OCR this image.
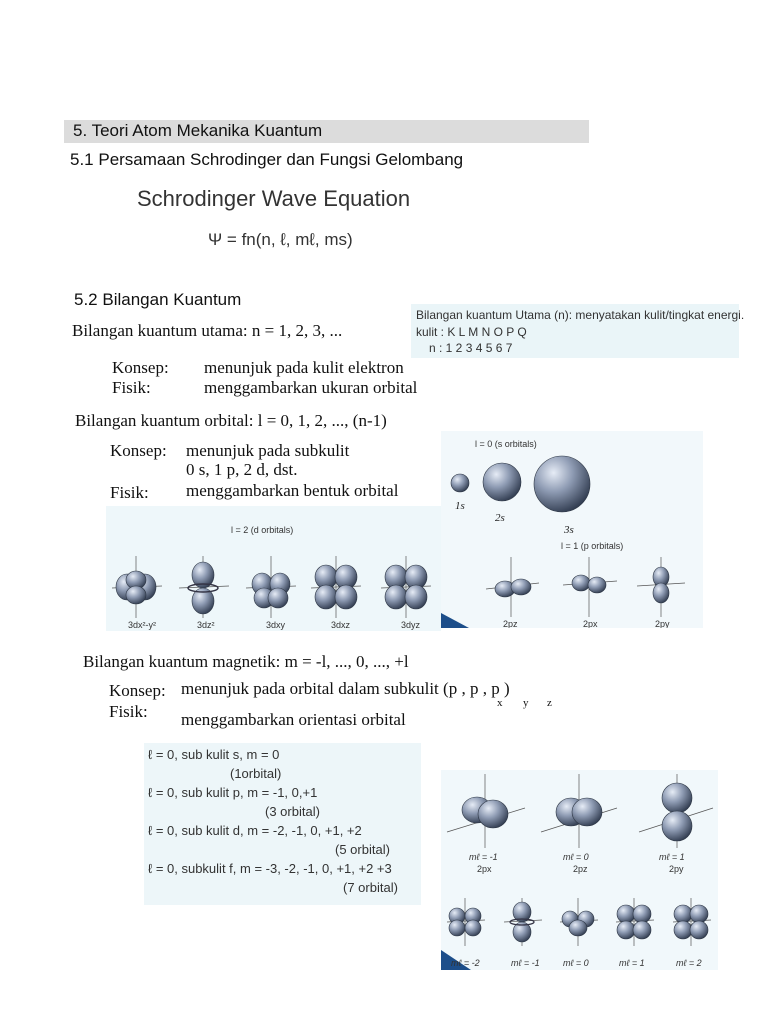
5. Teori Atom Mekanika Kuantum
5.1 Persamaan Schrodinger dan Fungsi Gelombang
Schrodinger Wave Equation
Ψ = fn(n, ℓ, mℓ, ms)
5.2 Bilangan Kuantum
Bilangan kuantum utama: n = 1, 2, 3, ...
Bilangan kuantum Utama (n): menyatakan kulit/tingkat energi.
kulit : K L M N O P Q
n : 1 2 3 4 5 6 7
Konsep: menunjuk pada kulit elektron
Fisik:	menggambarkan ukuran orbital
Bilangan kuantum orbital: l = 0, 1, 2, ..., (n-1)
Konsep: menunjuk pada subkulit
0 s, 1 p, 2 d, dst.
Fisik: menggambarkan bentuk orbital
l = 0 (s orbitals)
1s
2s
3s
l = 1 (p orbitals)
2pz	2px	2py
l = 2 (d orbitals)
3dx²-y²	3dz²	3dxy	3dxz	3dyz
Bilangan kuantum magnetik: m = -l, ..., 0, ..., +l
Konsep: menunjuk pada orbital dalam subkulit (p , p , p )
x y z
Fisik: menggambarkan orientasi orbital
ℓ = 0, sub kulit s, m = 0
(1orbital)
ℓ = 0, sub kulit p, m = -1, 0,+1
(3 orbital)
ℓ = 0, sub kulit d, m = -2, -1, 0, +1, +2
(5 orbital)
ℓ = 0, subkulit f, m = -3, -2, -1, 0, +1, +2 +3
(7 orbital)
mℓ = -1	mℓ = 0	mℓ = 1
2px	2pz	2py
mℓ = -2	mℓ = -1	mℓ = 0	mℓ = 1	mℓ = 2
